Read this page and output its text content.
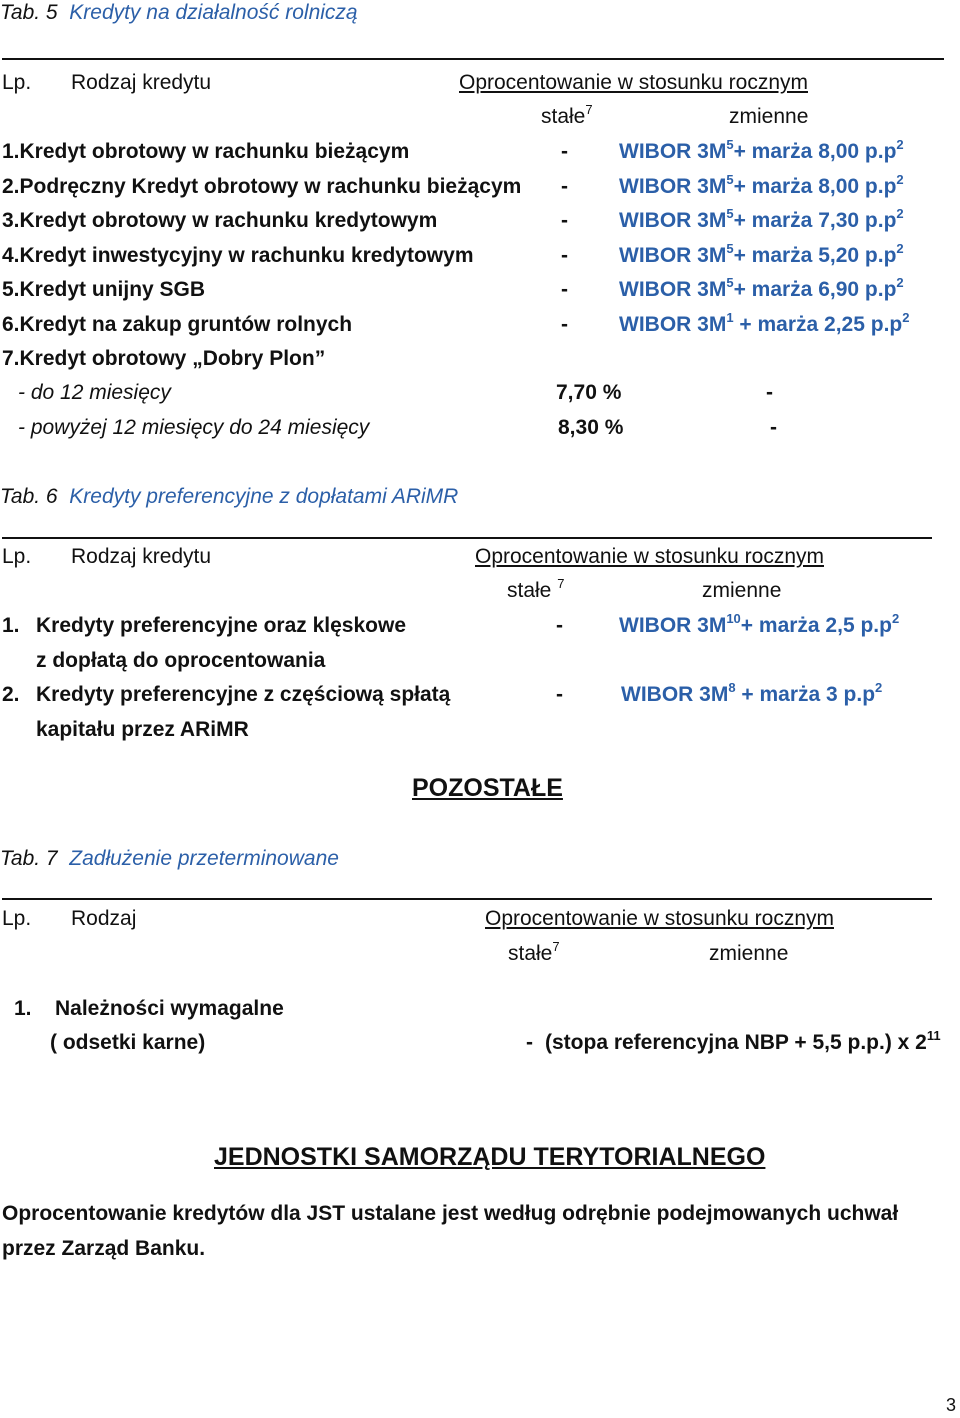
Tab. 5 Kredyty na działalność rolniczą
Lp. Rodzaj kredytu	Oprocentowanie w stosunku rocznym
stałe$^7$	zmienne
1.Kredyt obrotowy w rachunku bieżącym	- WIBOR $3M^5+$ marża 8,00 $p.p^2$
2.Podręczny Kredyt obrotowy w rachunku bieżącym - WIBOR $3M^5+$ marża 8,00 $p.p^2$
3.Kredyt obrotowy w rachunku kredytowym	- WIBOR $3M^5+$ marża 7,30 $p.p^2$
4.Kredyt inwestycyjny w rachunku kredytowym	- WIBOR $3M^5+$ marża 5,20 $p.p^2$
5.Kredyt unijny SGB	- WIBOR $3M^5+$ marża 6,90 $p.p^2$
6.Kredyt na zakup gruntów rolnych	- WIBOR $3M^1$ + marża 2,25 $p.p^2$
7.Kredyt obrotowy „Dobry Plon”
- do 12 miesięcy	7,70 %	-
- powyżej 12 miesięcy do 24 miesięcy	8,30 %	-
Tab. 6 Kredyty preferencyjne z dopłatami ARiMR
Lp. Rodzaj kredytu	Oprocentowanie w stosunku rocznym
stałe $^7$	zmienne
1. Kredyty preferencyjne oraz klęskowe
z dopłatą do oprocentowania
-	WIBOR $3M^{10}+$ marża 2,5 $p.p^2$
2. Kredyty preferencyjne z częściową spłatą
kapitału przez ARiMR
-	WIBOR $3M^8$ + marża 3 $p.p^2$
POZOSTAŁE
Tab. 7 Zadłużenie przeterminowane
Lp. Rodzaj	Oprocentowanie w stosunku rocznym
stałe$^7$	zmienne
1. Należności wymagalne
( odsetki karne)	- (stopa referencyjna NBP + 5,5 p.p.) x $2^{11}$
JEDNOSTKI SAMORZĄDU TERYTORIALNEGO
Oprocentowanie kredytów dla JST ustalane jest według odrębnie podejmowanych uchwał
przez Zarząd Banku.
3
